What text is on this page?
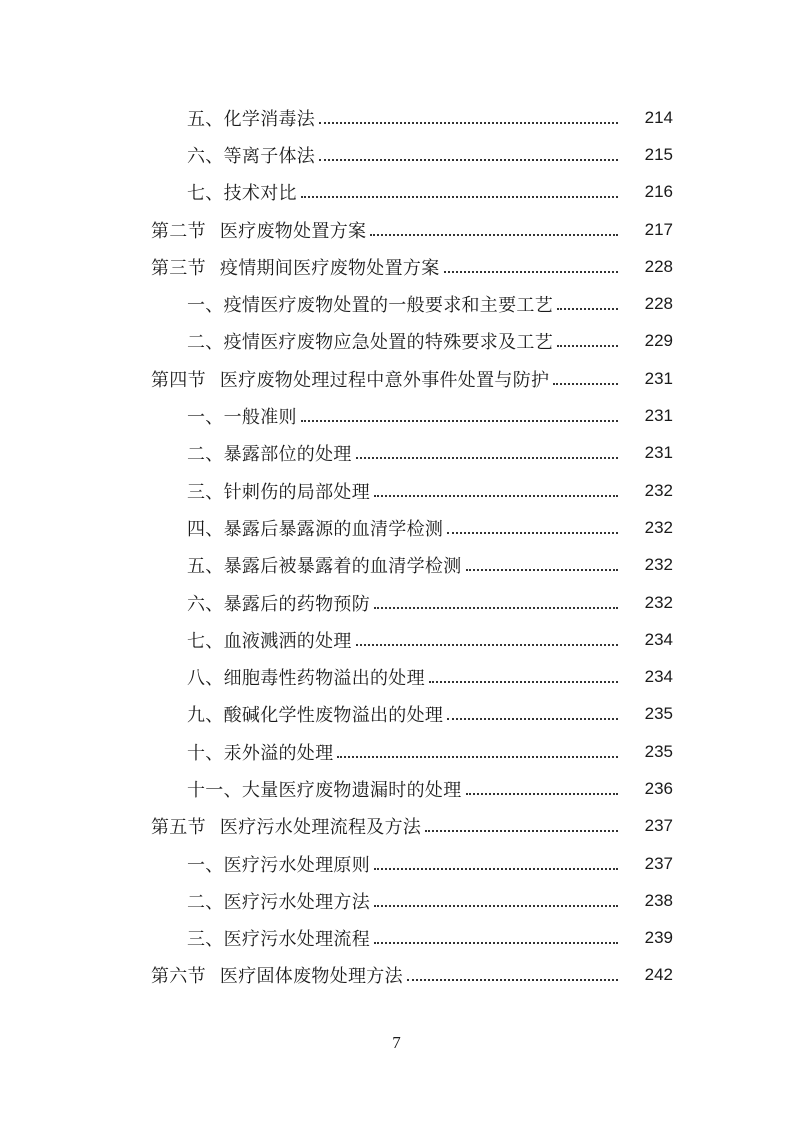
五、化学消毒法	214
六、等离子体法	215
七、技术对比	216
第二节 医疗废物处置方案	217
第三节 疫情期间医疗废物处置方案	228
一、疫情医疗废物处置的一般要求和主要工艺	228
二、疫情医疗废物应急处置的特殊要求及工艺	229
第四节 医疗废物处理过程中意外事件处置与防护	231
一、一般准则	231
二、暴露部位的处理	231
三、针刺伤的局部处理	232
四、暴露后暴露源的血清学检测	232
五、暴露后被暴露着的血清学检测	232
六、暴露后的药物预防	232
七、血液溅洒的处理	234
八、细胞毒性药物溢出的处理	234
九、酸碱化学性废物溢出的处理	235
十、汞外溢的处理	235
十一、大量医疗废物遗漏时的处理	236
第五节 医疗污水处理流程及方法	237
一、医疗污水处理原则	237
二、医疗污水处理方法	238
三、医疗污水处理流程	239
第六节 医疗固体废物处理方法	242
7
